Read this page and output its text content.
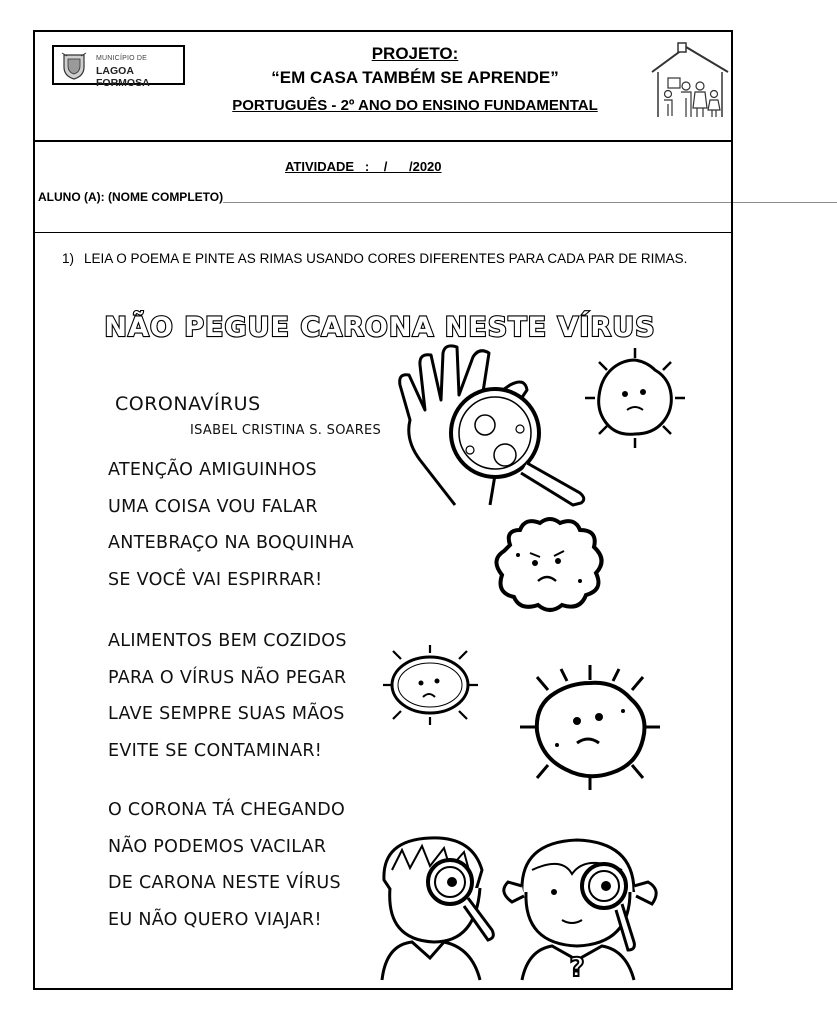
MUNICÍPIO DE
LAGOA FORMOSA
PROJETO:
“EM CASA TAMBÉM SE APRENDE”
PORTUGUÊS - 2º ANO DO ENSINO FUNDAMENTAL
ATIVIDADE   :    /      /2020
ALUNO (A): (NOME COMPLETO)____________________________________________________________________________________________
1) LEIA O POEMA E PINTE AS RIMAS USANDO CORES DIFERENTES PARA CADA PAR DE RIMAS.
NÃO PEGUE CARONA NESTE VÍRUS
CORONAVÍRUS
ISABEL CRISTINA S. SOARES

ATENÇÃO AMIGUINHOS

UMA COISA VOU FALAR

ANTEBRAÇO NA BOQUINHA

SE VOCÊ VAI ESPIRRAR!

ALIMENTOS BEM COZIDOS

PARA O VÍRUS NÃO PEGAR

LAVE SEMPRE SUAS MÃOS

EVITE SE CONTAMINAR!

O CORONA TÁ CHEGANDO

NÃO PODEMOS VACILAR

DE CARONA NESTE VÍRUS

EU NÃO QUERO VIAJAR!

?
